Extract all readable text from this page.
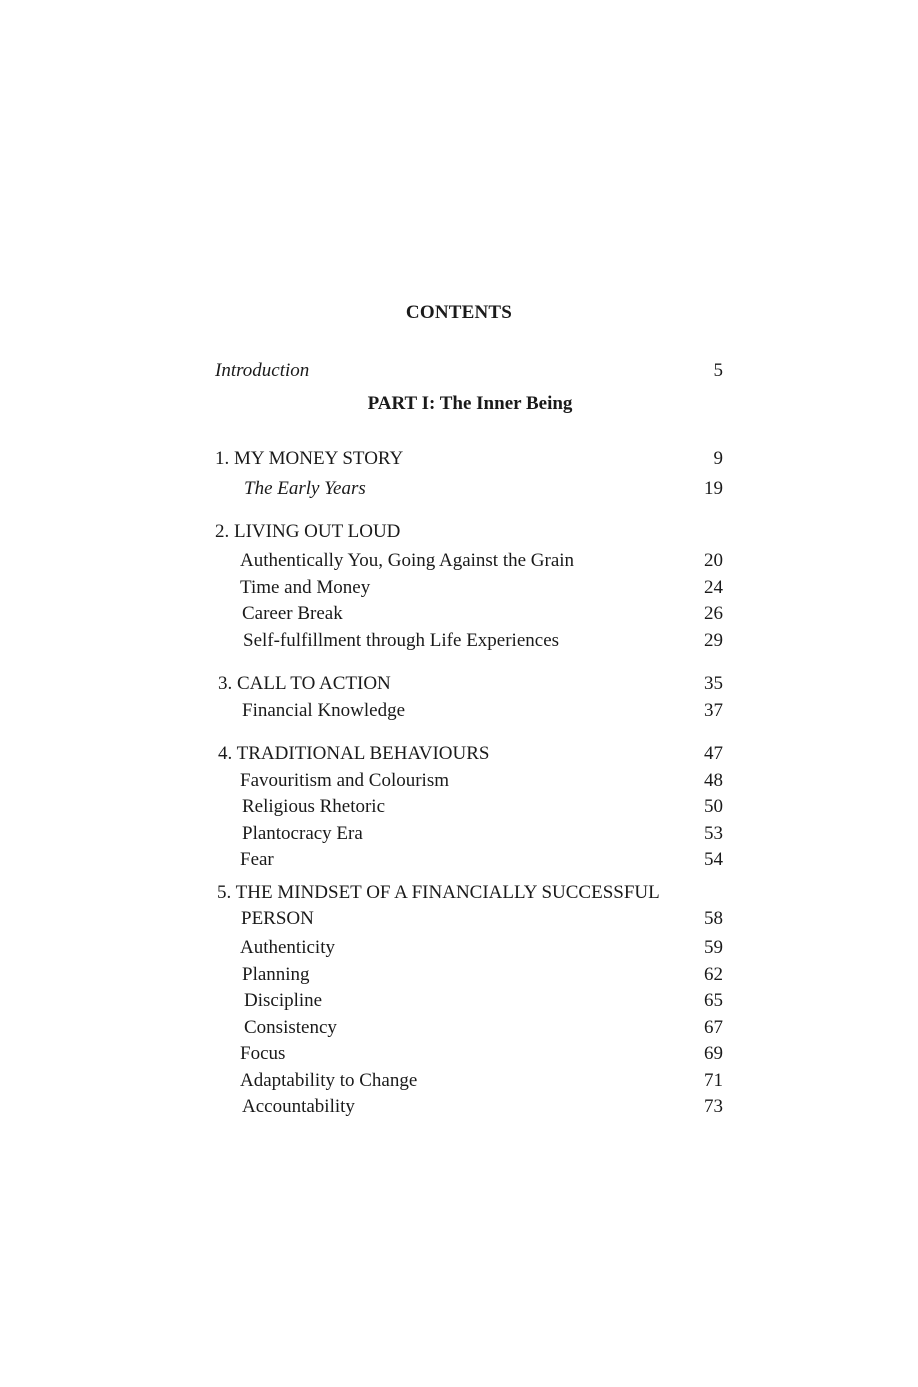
CONTENTS
Introduction	5
PART I: The Inner Being
1. MY MONEY STORY	9
The Early Years	19
2. LIVING OUT LOUD
Authentically You, Going Against the Grain	20
Time and Money	24
Career Break	26
Self-fulfillment through Life Experiences	29
3. CALL TO ACTION	35
Financial Knowledge	37
4. TRADITIONAL BEHAVIOURS	47
Favouritism and Colourism	48
Religious Rhetoric	50
Plantocracy Era	53
Fear	54
5. THE MINDSET OF A FINANCIALLY SUCCESSFUL
PERSON	58
Authenticity	59
Planning	62
Discipline	65
Consistency	67
Focus	69
Adaptability to Change	71
Accountability	73
